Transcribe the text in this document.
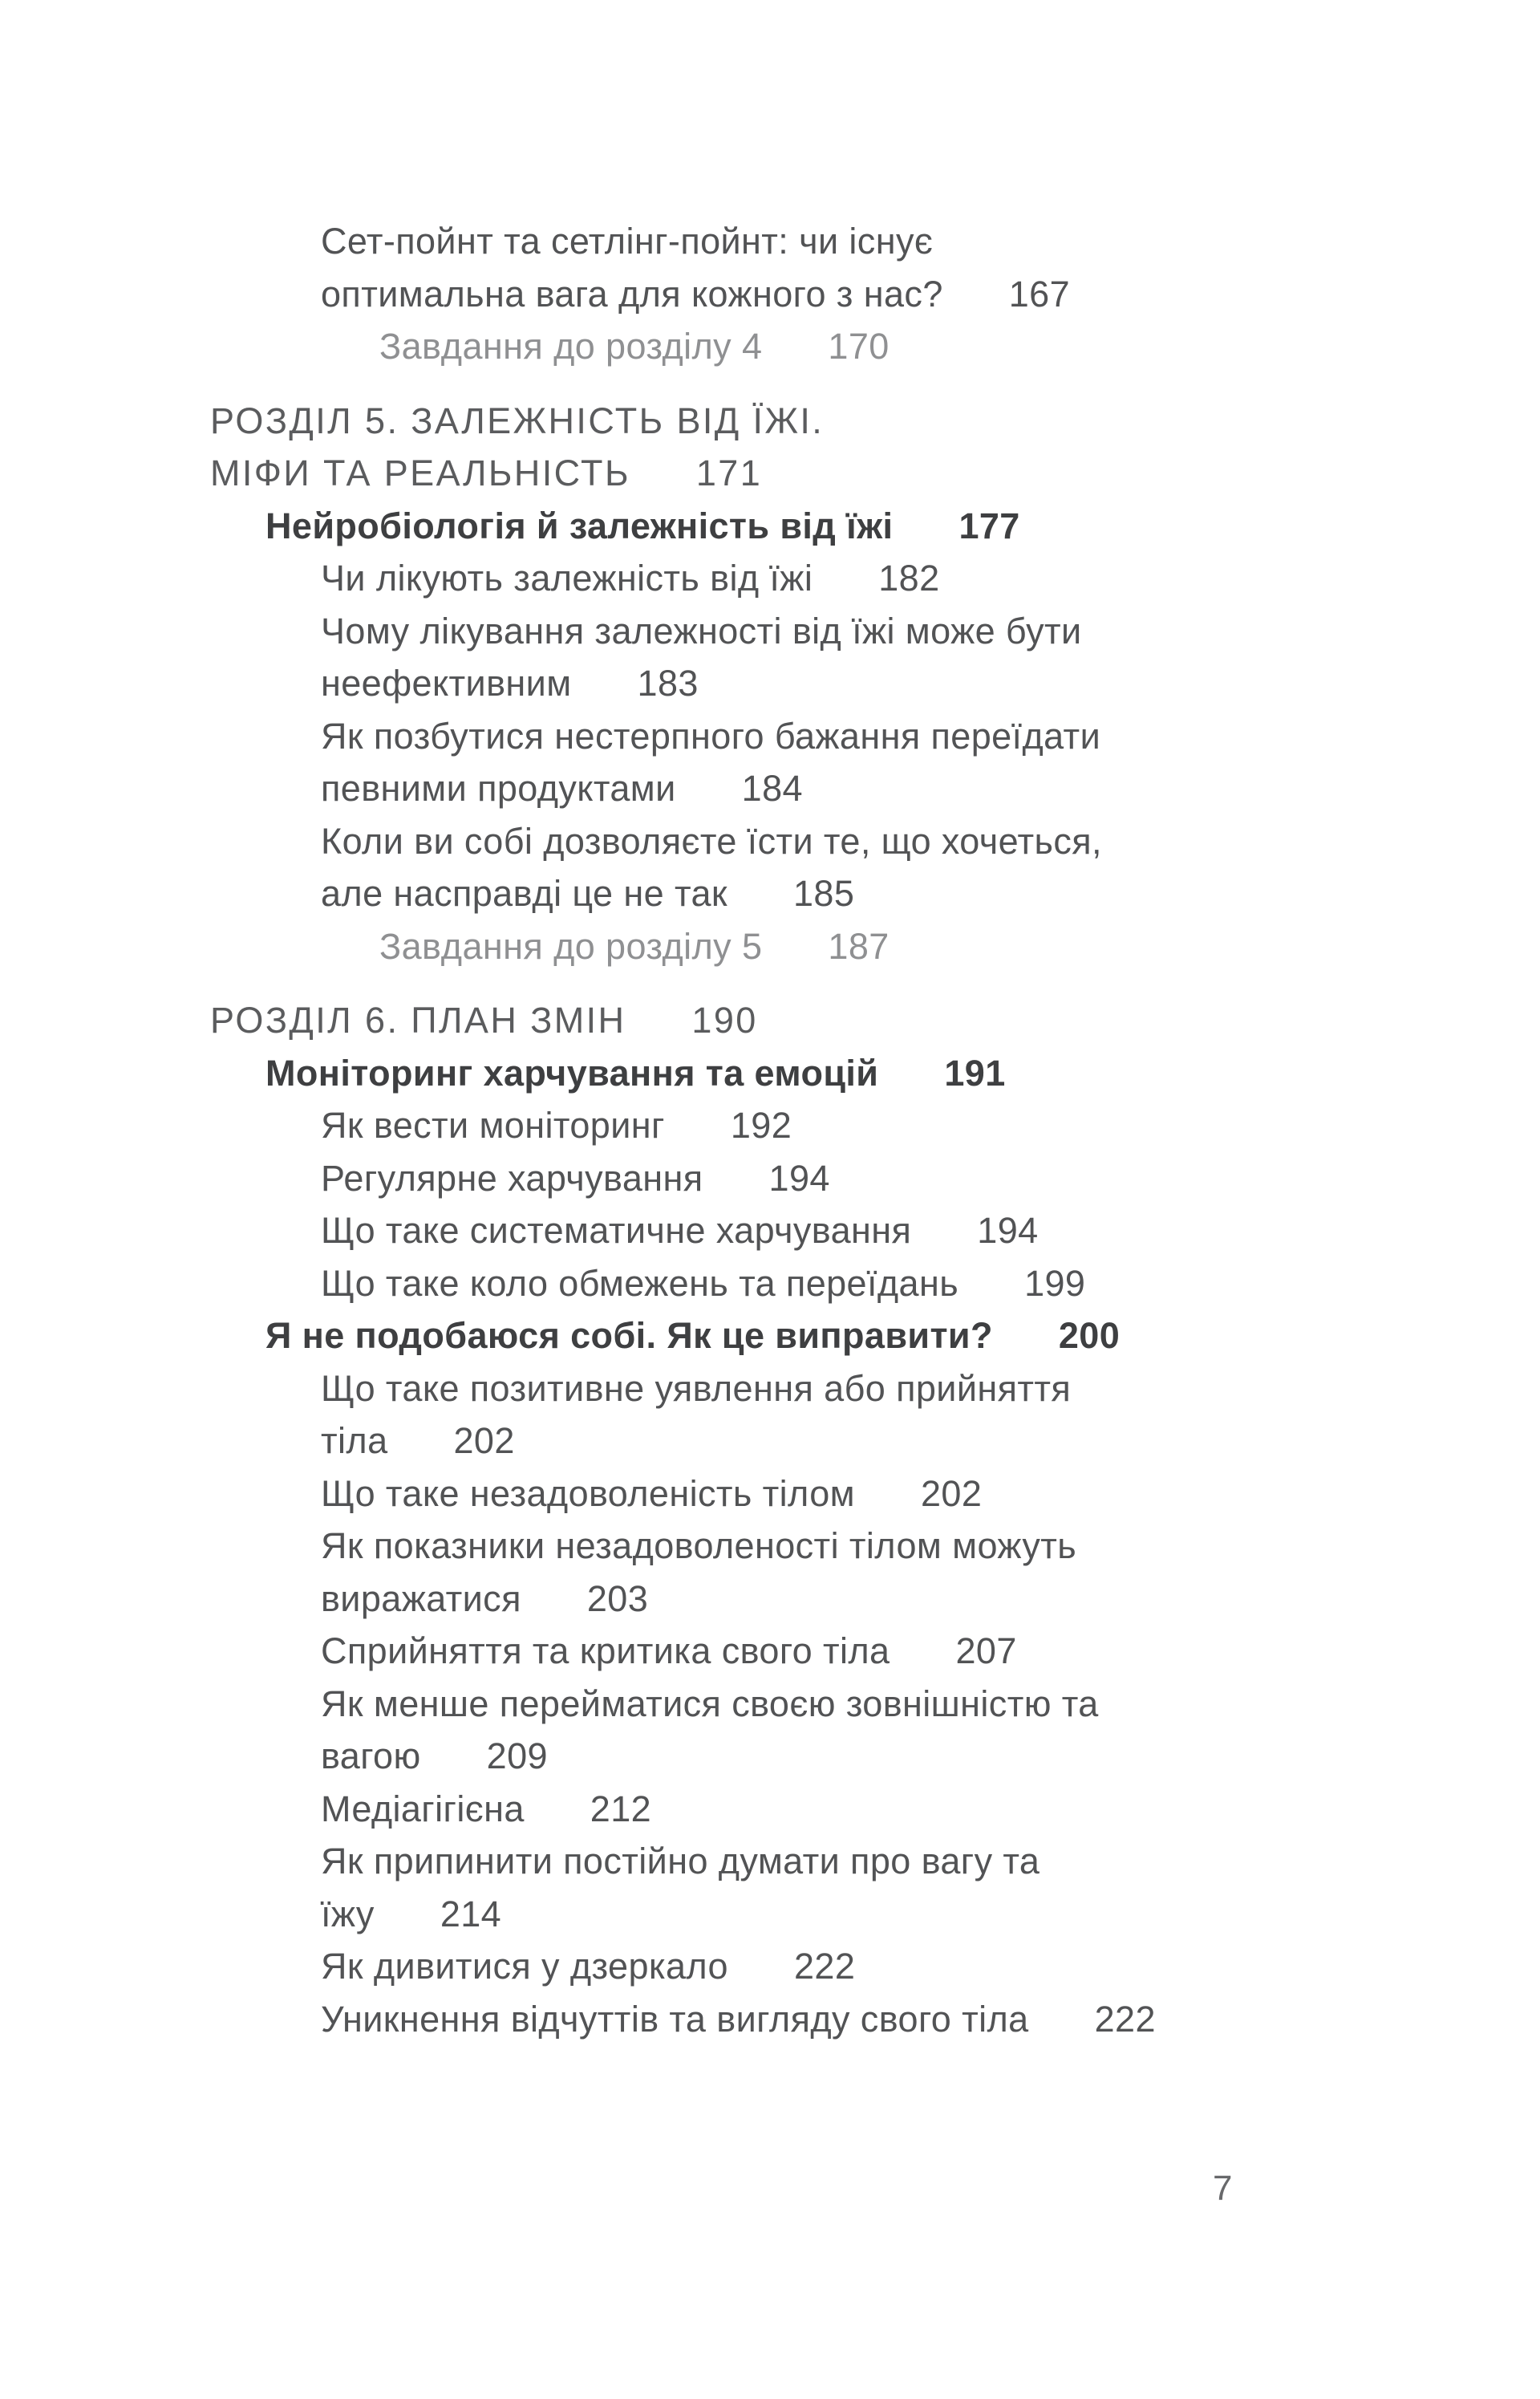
Сет-пойнт та сетлінг-пойнт: чи існує
оптимальна вага для кожного з нас? 167
Завдання до розділу 4 170
РОЗДІЛ 5. ЗАЛЕЖНІСТЬ ВІД ЇЖІ.
МІФИ ТА РЕАЛЬНІСТЬ 171
Нейробіологія й залежність від їжі 177
Чи лікують залежність від їжі 182
Чому лікування залежності від їжі може бути
неефективним 183
Як позбутися нестерпного бажання переїдати
певними продуктами 184
Коли ви собі дозволяєте їсти те, що хочеться,
але насправді це не так 185
Завдання до розділу 5 187
РОЗДІЛ 6. ПЛАН ЗМІН 190
Моніторинг харчування та емоцій 191
Як вести моніторинг 192
Регулярне харчування 194
Що таке систематичне харчування 194
Що таке коло обмежень та переїдань 199
Я не подобаюся собі. Як це виправити? 200
Що таке позитивне уявлення або прийняття
тіла 202
Що таке незадоволеність тілом 202
Як показники незадоволеності тілом можуть
виражатися 203
Сприйняття та критика свого тіла 207
Як менше перейматися своєю зовнішністю та
вагою 209
Медіагігієна 212
Як припинити постійно думати про вагу та
їжу 214
Як дивитися у дзеркало 222
Уникнення відчуттів та вигляду свого тіла 222
7
